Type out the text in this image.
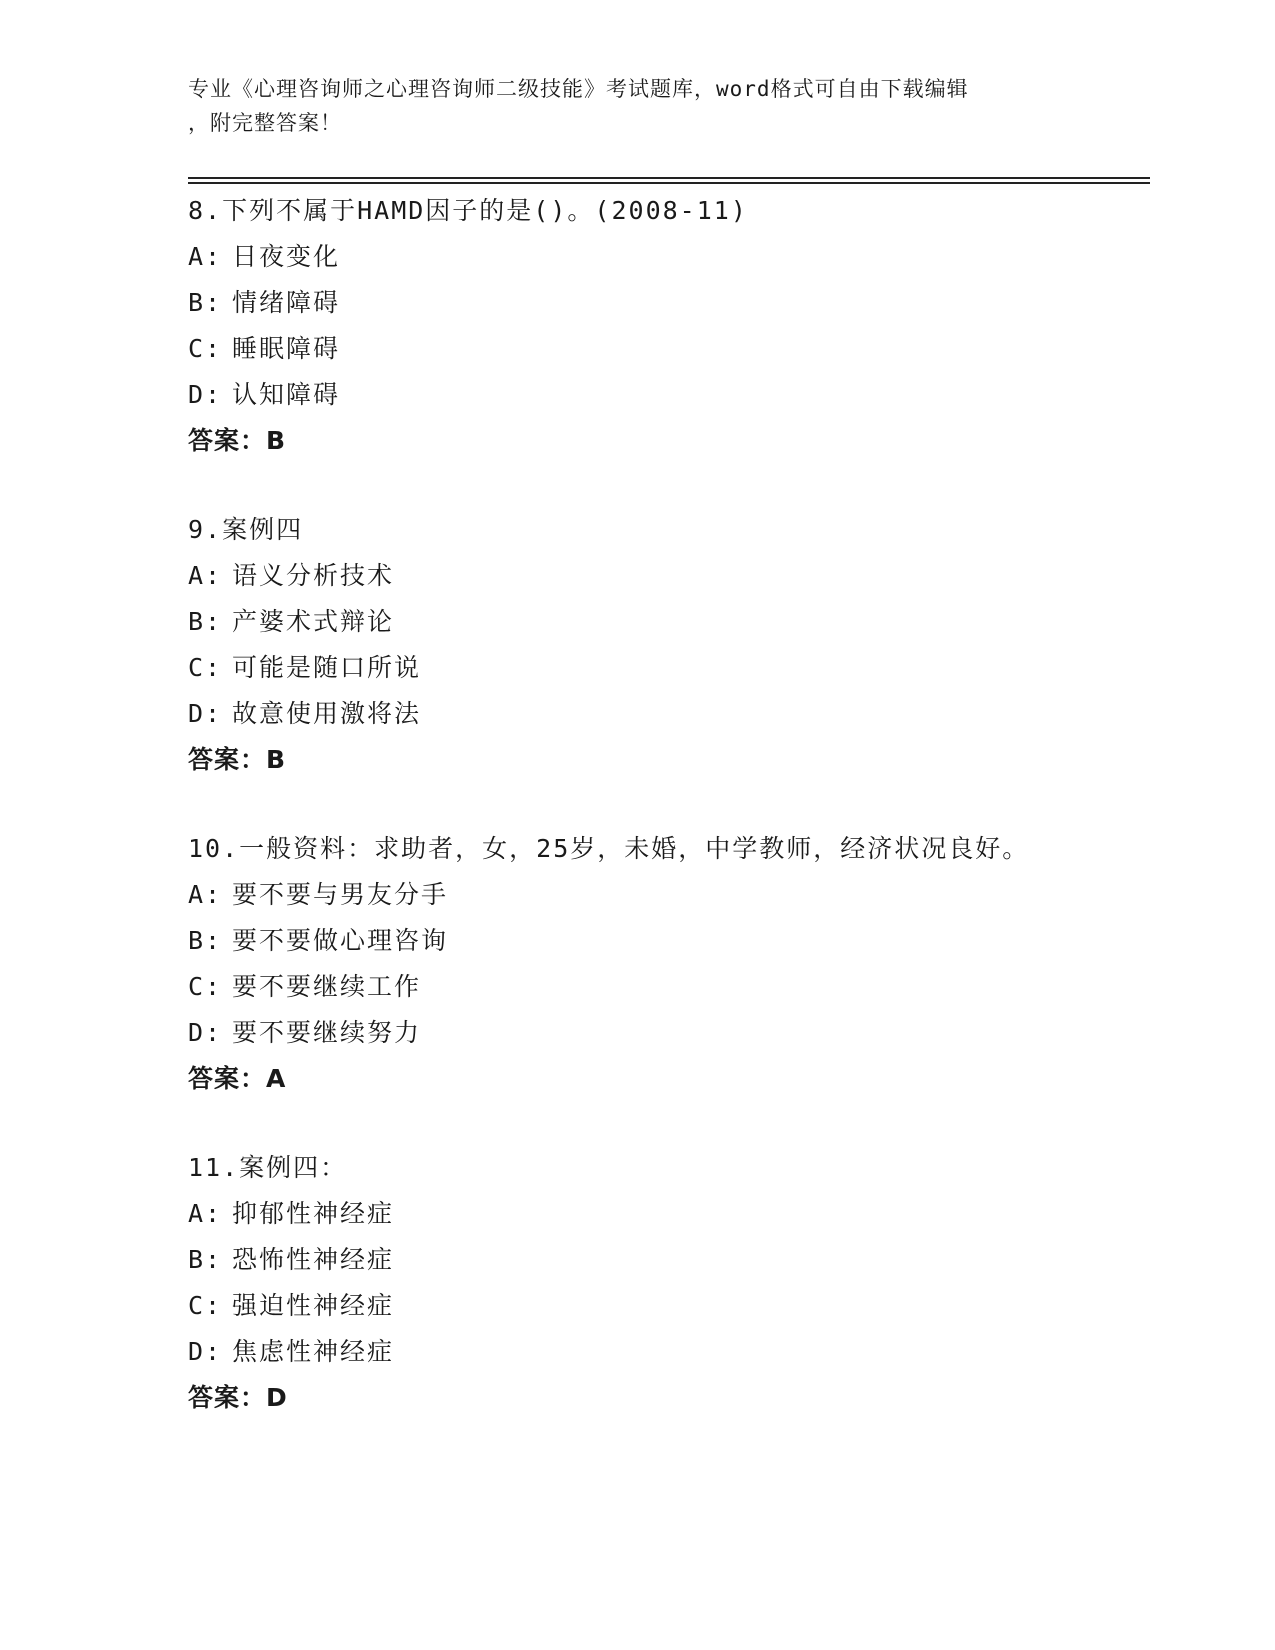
专业《心理咨询师之心理咨询师二级技能》考试题库，word格式可自由下载编辑
，附完整答案！
8.下列不属于HAMD因子的是()。(2008-11)
A: 日夜变化
B: 情绪障碍
C: 睡眠障碍
D: 认知障碍
答案：B
9.案例四
A: 语义分析技术
B: 产婆术式辩论
C: 可能是随口所说
D: 故意使用激将法
答案：B
10.一般资料：求助者，女，25岁，未婚，中学教师，经济状况良好。
A: 要不要与男友分手
B: 要不要做心理咨询
C: 要不要继续工作
D: 要不要继续努力
答案：A
11.案例四：
A: 抑郁性神经症
B: 恐怖性神经症
C: 强迫性神经症
D: 焦虑性神经症
答案：D
